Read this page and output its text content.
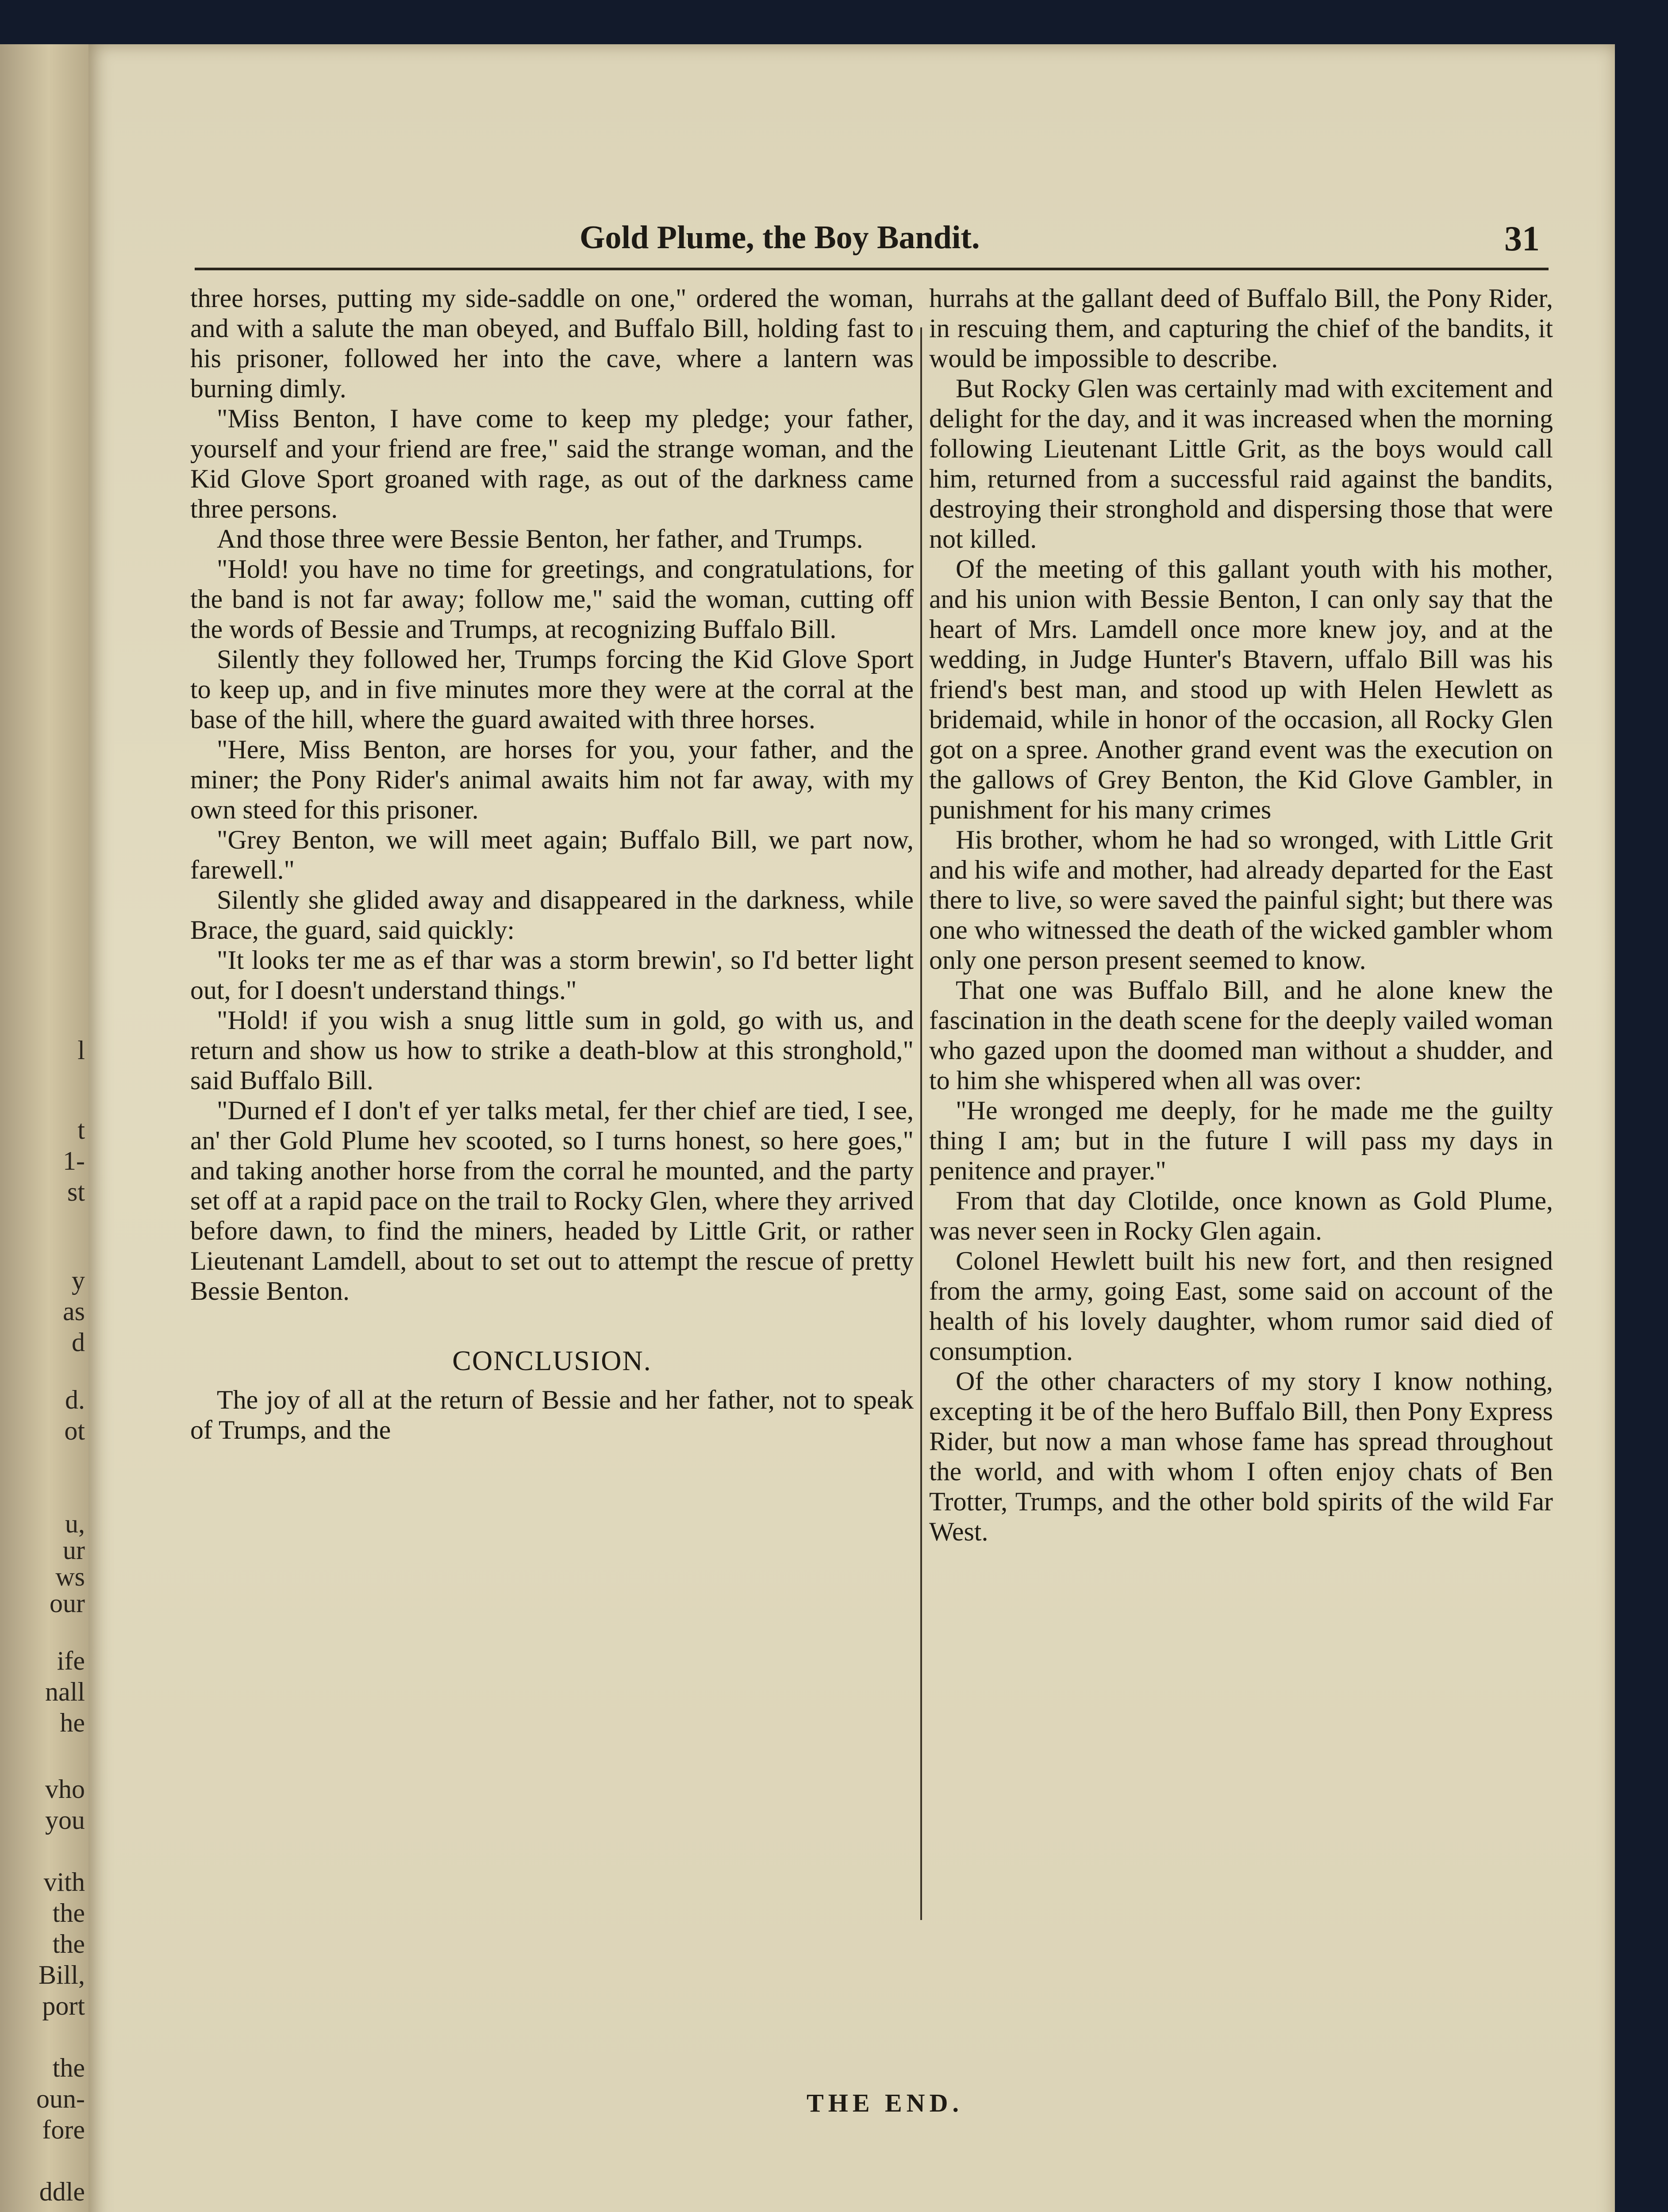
l
t
1-
st
y
as
d
d.
ot
u,
ur
ws
our
ife
nall
he
vho
you
vith
the
the
Bill,
port
the
oun-
fore
ddle
Gold Plume, the Boy Bandit.	31

three horses, putting my side-saddle on one," ordered the woman, and with a salute the man obeyed, and Buffalo Bill, holding fast to his prisoner, followed her into the cave, where a lantern was burning dimly.

"Miss Benton, I have come to keep my pledge; your father, yourself and your friend are free," said the strange woman, and the Kid Glove Sport groaned with rage, as out of the darkness came three persons.

And those three were Bessie Benton, her father, and Trumps.

"Hold! you have no time for greetings, and congratulations, for the band is not far away; follow me," said the woman, cutting off the words of Bessie and Trumps, at recognizing Buffalo Bill.

Silently they followed her, Trumps forcing the Kid Glove Sport to keep up, and in five minutes more they were at the corral at the base of the hill, where the guard awaited with three horses.

"Here, Miss Benton, are horses for you, your father, and the miner; the Pony Rider's animal awaits him not far away, with my own steed for this prisoner.

"Grey Benton, we will meet again; Buffalo Bill, we part now, farewell."

Silently she glided away and disappeared in the darkness, while Brace, the guard, said quickly:

"It looks ter me as ef thar was a storm brewin', so I'd better light out, for I doesn't understand things."

"Hold! if you wish a snug little sum in gold, go with us, and return and show us how to strike a death-blow at this stronghold," said Buffalo Bill.

"Durned ef I don't ef yer talks metal, fer ther chief are tied, I see, an' ther Gold Plume hev scooted, so I turns honest, so here goes," and taking another horse from the corral he mounted, and the party set off at a rapid pace on the trail to Rocky Glen, where they arrived before dawn, to find the miners, headed by Little Grit, or rather Lieutenant Lamdell, about to set out to attempt the rescue of pretty Bessie Benton.

CONCLUSION.

The joy of all at the return of Bessie and her father, not to speak of Trumps, and the

hurrahs at the gallant deed of Buffalo Bill, the Pony Rider, in rescuing them, and capturing the chief of the bandits, it would be impossible to describe.

But Rocky Glen was certainly mad with excitement and delight for the day, and it was increased when the morning following Lieutenant Little Grit, as the boys would call him, returned from a successful raid against the bandits, destroying their stronghold and dispersing those that were not killed.

Of the meeting of this gallant youth with his mother, and his union with Bessie Benton, I can only say that the heart of Mrs. Lamdell once more knew joy, and at the wedding, in Judge Hunter's Btavern, uffalo Bill was his friend's best man, and stood up with Helen Hewlett as bridemaid, while in honor of the occasion, all Rocky Glen got on a spree. Another grand event was the execution on the gallows of Grey Benton, the Kid Glove Gambler, in punishment for his many crimes

His brother, whom he had so wronged, with Little Grit and his wife and mother, had already departed for the East there to live, so were saved the painful sight; but there was one who witnessed the death of the wicked gambler whom only one person present seemed to know.

That one was Buffalo Bill, and he alone knew the fascination in the death scene for the deeply vailed woman who gazed upon the doomed man without a shudder, and to him she whispered when all was over:

"He wronged me deeply, for he made me the guilty thing I am; but in the future I will pass my days in penitence and prayer."

From that day Clotilde, once known as Gold Plume, was never seen in Rocky Glen again.

Colonel Hewlett built his new fort, and then resigned from the army, going East, some said on account of the health of his lovely daughter, whom rumor said died of consumption.

Of the other characters of my story I know nothing, excepting it be of the hero Buffalo Bill, then Pony Express Rider, but now a man whose fame has spread throughout the world, and with whom I often enjoy chats of Ben Trotter, Trumps, and the other bold spirits of the wild Far West.

THE END.
